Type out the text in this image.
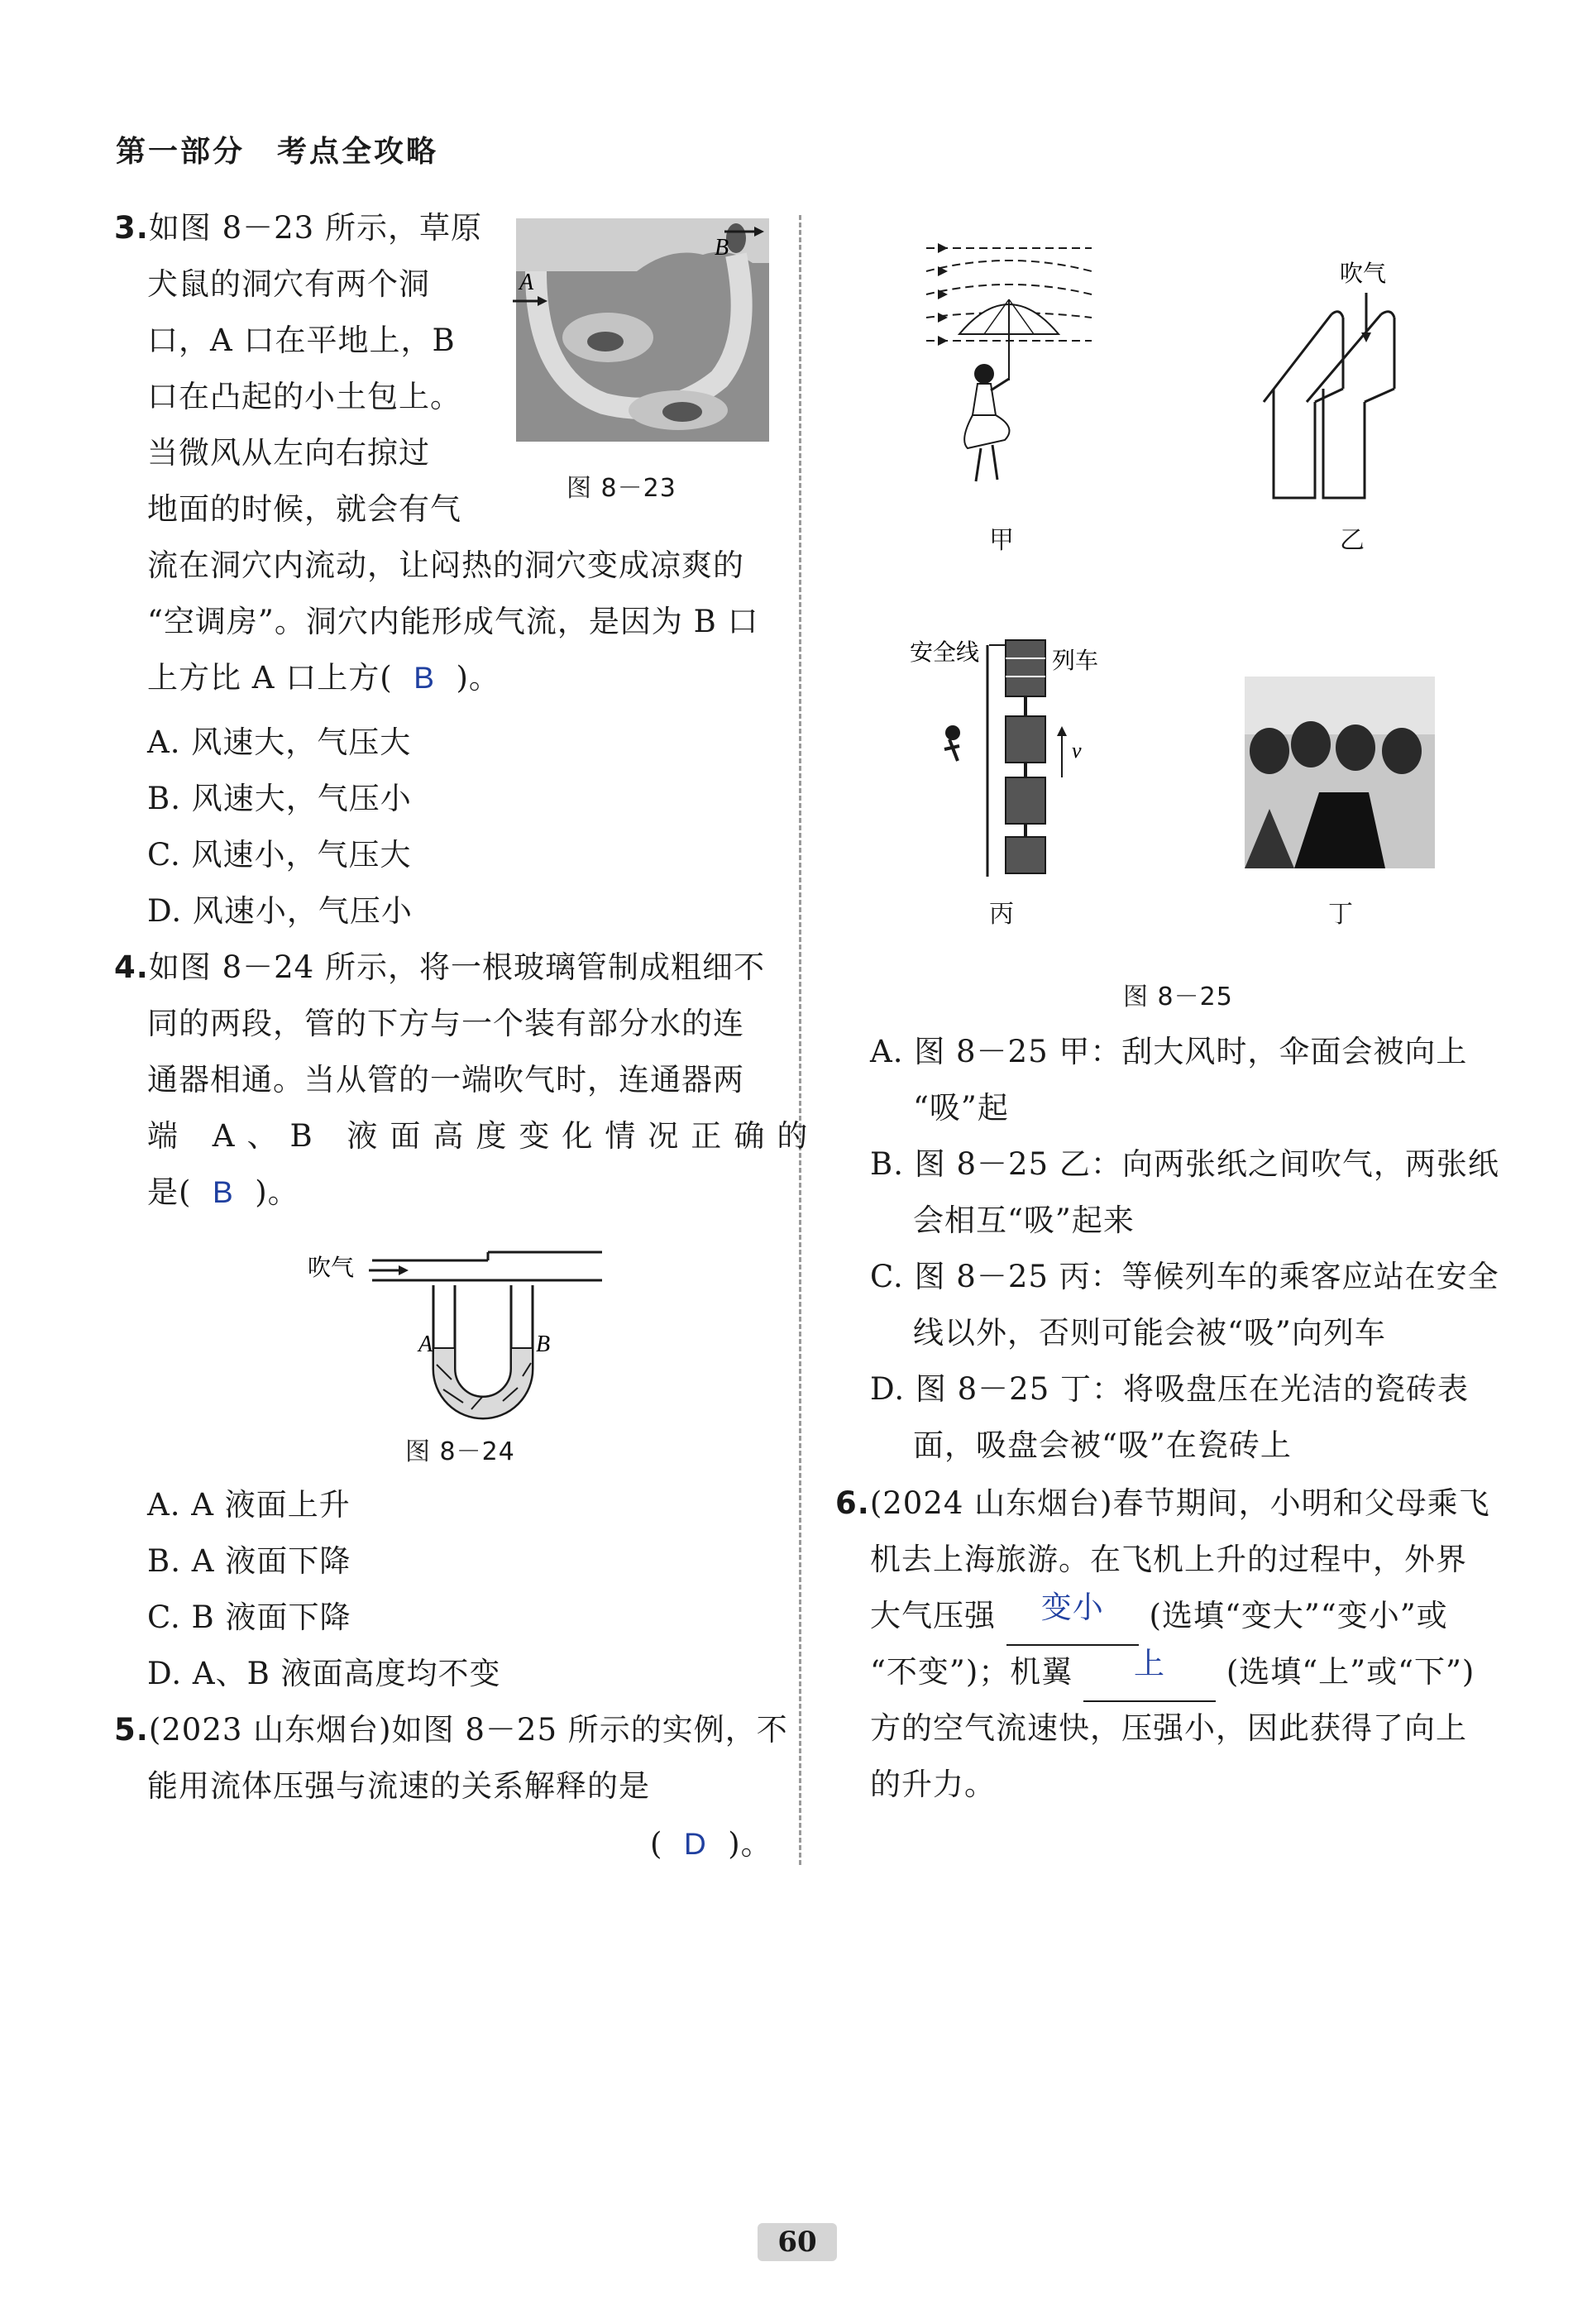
第一部分　考点全攻略
3.如图 8－23 所示，草原
犬鼠的洞穴有两个洞
口，A 口在平地上，B
口在凸起的小土包上。
当微风从左向右掠过
地面的时候，就会有气
流在洞穴内流动，让闷热的洞穴变成凉爽的
“空调房”。洞穴内能形成气流，是因为 B 口
上方比 A 口上方( B )。
A. 风速大，气压大
B. 风速大，气压小
C. 风速小，气压大
D. 风速小，气压小
A
B
图 8－23
4.如图 8－24 所示，将一根玻璃管制成粗细不
同的两段，管的下方与一个装有部分水的连
通器相通。当从管的一端吹气时，连通器两
端 A、B 液面高度变化情况正确的
是( B )。
吹气
A	B
图 8－24
A. A 液面上升
B. A 液面下降
C. B 液面下降
D. A、B 液面高度均不变
5.(2023 山东烟台)如图 8－25 所示的实例，不
能用流体压强与流速的关系解释的是
( D )。
甲
吹气
乙
安全线	列车
v
丙	丁
图 8－25
A. 图 8－25 甲：刮大风时，伞面会被向上
“吸”起
B. 图 8－25 乙：向两张纸之间吹气，两张纸
会相互“吸”起来
C. 图 8－25 丙：等候列车的乘客应站在安全
线以外，否则可能会被“吸”向列车
D. 图 8－25 丁：将吸盘压在光洁的瓷砖表
面，吸盘会被“吸”在瓷砖上
6.(2024 山东烟台)春节期间，小明和父母乘飞
机去上海旅游。在飞机上升的过程中，外界
大气压强 变小 (选填“变大”“变小”或
“不变”)；机翼 上 (选填“上”或“下”)
方的空气流速快，压强小，因此获得了向上
的升力。
60
